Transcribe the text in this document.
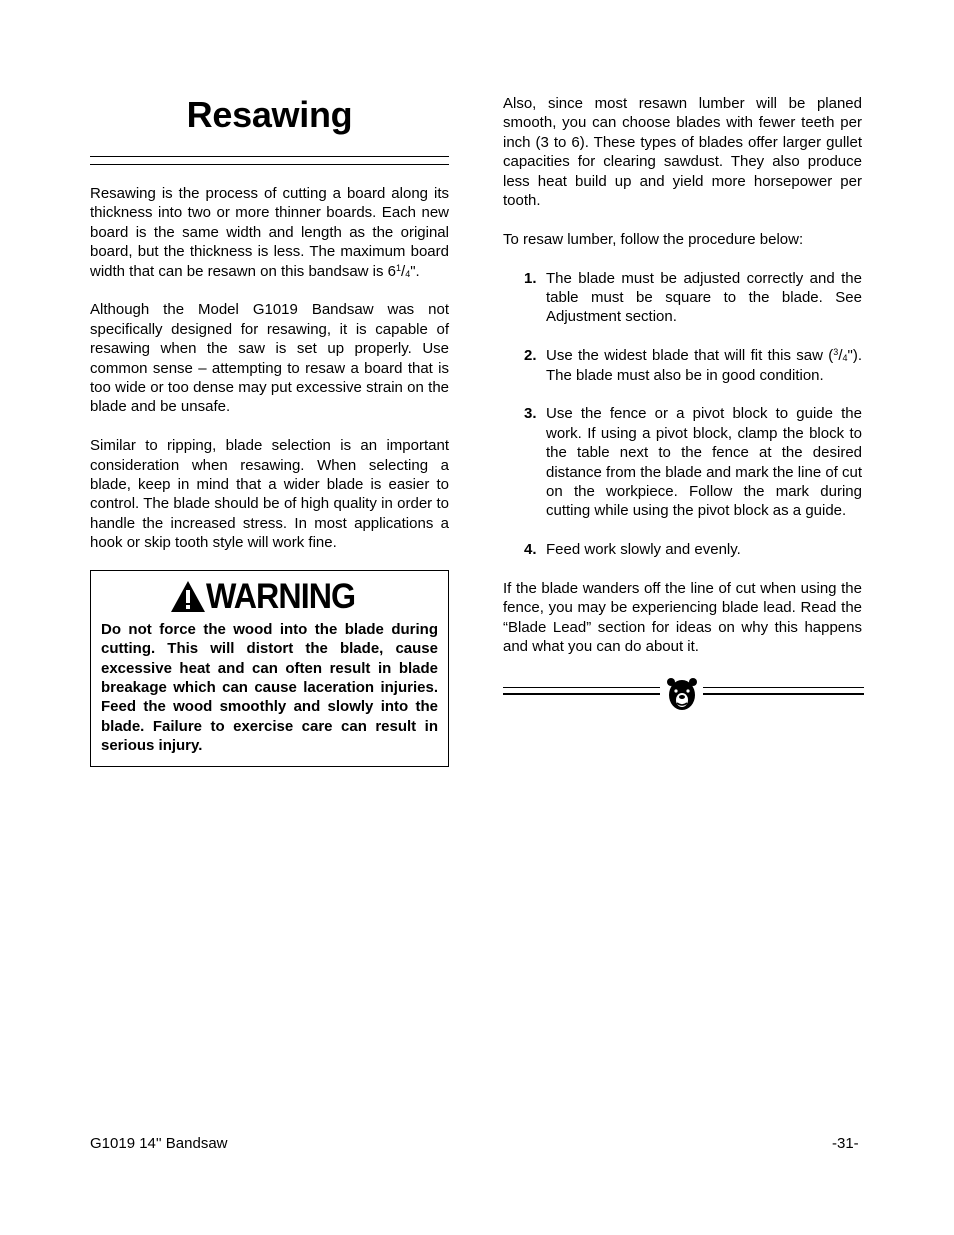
Resawing

Resawing is the process of cutting a board along its thickness into two or more thinner boards. Each new board is the same width and length as the original board, but the thickness is less. The maximum board width that can be resawn on this bandsaw is $6^1/_4$".

Although the Model G1019 Bandsaw was not specifically designed for resawing, it is capable of resawing when the saw is set up properly. Use common sense – attempting to resaw a board that is too wide or too dense may put excessive strain on the blade and be unsafe.

Similar to ripping, blade selection is an important consideration when resawing. When selecting a blade, keep in mind that a wider blade is easier to control. The blade should be of high quality in order to handle the increased stress. In most applications a hook or skip tooth style will work fine.

WARNING
Do not force the wood into the blade during cutting. This will distort the blade, cause excessive heat and can often result in blade breakage which can cause laceration injuries. Feed the wood smoothly and slowly into the blade. Failure to exercise care can result in serious injury.

Also, since most resawn lumber will be planed smooth, you can choose blades with fewer teeth per inch (3 to 6). These types of blades offer larger gullet capacities for clearing sawdust. They also produce less heat build up and yield more horsepower per tooth.

To resaw lumber, follow the procedure below:

1. The blade must be adjusted correctly and the table must be square to the blade. See Adjustment section.
2. Use the widest blade that will fit this saw $(^3/_4")$. The blade must also be in good condition.
3. Use the fence or a pivot block to guide the work. If using a pivot block, clamp the block to the table next to the fence at the desired distance from the blade and mark the line of cut on the workpiece. Follow the mark during cutting while using the pivot block as a guide.
4. Feed work slowly and evenly.

If the blade wanders off the line of cut when using the fence, you may be experiencing blade lead. Read the “Blade Lead” section for ideas on why this happens and what you can do about it.

G1019 14'' Bandsaw	-31-
